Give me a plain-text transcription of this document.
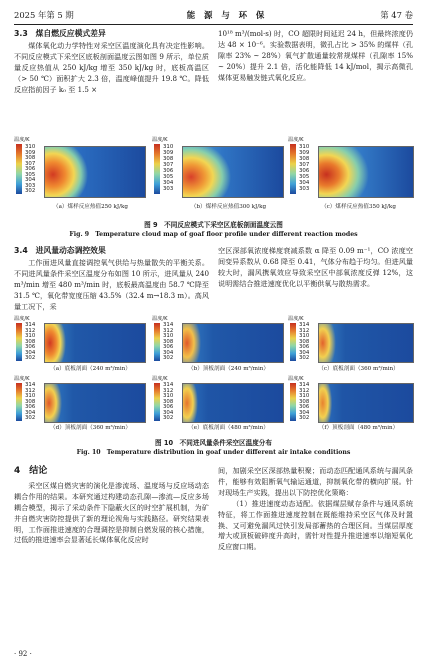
2025 年第 5 期	能 源 与 环 保	第 47 卷
3.3　煤自燃反应模式差异

煤体氧化动力学特性对采空区温度演化具有决定性影响。不同反应模式下采空区底板剖面温度云图如图 9 所示，单位质量反应热值从 250 kJ/kg 增至 350 kJ/kg 时，底板高温区（> 50 ℃）面积扩大 2.3 倍，温度峰值提升 19.8 ℃。降低反应指前因子 k₀ 至 1.5 ×

10¹⁸ m³/(mol·s) 时，CO 超限时间延迟 24 h，但最终浓度仍达 48 × 10⁻⁶。实验数据表明，微孔占比 > 35% 的煤样（孔隙率 23% ~ 28%）氧气扩散通量较常规煤样（孔隙率 15% ~ 20%）提升 2.1 倍，活化能降低 14 kJ/mol，揭示高微孔煤体更易触发链式氧化反应。

温度/K
310
309
308
307
306
305
304
303
302
（a）煤样反应热值250 kJ/kg
温度/K
310
309
308
307
306
305
304
303
（b）煤样反应热值300 kJ/kg
温度/K
310
309
308
307
306
305
304
303
（c）煤样反应热值350 kJ/kg
图 9　不同反应模式下采空区底板剖面温度云图
Fig. 9　Temperature cloud map of goaf floor profile under different reaction modes
3.4　进风量动态调控效果

工作面进风量直接调控氧气供给与热量散失的平衡关系。不同进风量条件采空区温度分布如图 10 所示，进风量从 240 m³/min 增至 480 m³/min 时，底板最高温度由 58.7 ℃降至 31.5 ℃，氧化带宽度压缩 43.5%（32.4 m→18.3 m）。高风量工况下，采

空区深部氧浓度梯度衰减系数 α 降至 0.09 m⁻¹，CO 浓度空间变异系数从 0.68 降至 0.41，气体分布趋于均匀。但进风量较大时，漏风携氧效应导致采空区中部氧浓度反弹 12%，这说明需结合推进速度优化以平衡供氧与散热需求。

温度/K
314
312
310
308
306
304
302
（a）底板剖面（240 m³/min）
温度/K
314
312
310
308
306
304
302
（b）顶板剖面（240 m³/min）
温度/K
314
312
310
308
306
304
302
（c）底板剖面（360 m³/min）
温度/K
314
312
310
308
306
304
302
（d）顶板剖面（360 m³/min）
温度/K
314
312
310
308
306
304
302
（e）底板剖面（480 m³/min）
温度/K
314
312
310
308
306
304
302
（f）顶板剖面（480 m³/min）
图 10　不同进风量条件采空区温度分布
Fig. 10　Temperature distribution in goaf under different air intake conditions
4　结论

采空区煤自燃灾害的演化是渗流场、温度场与反应场动态耦合作用的结果。本研究通过构建动态孔隙—渗流—反应多场耦合模型，揭示了采动条件下隐蔽火区的时空扩展机制，为矿井自燃灾害防控提供了新的理论视角与实践路径。研究结果表明，工作面推进速度的合理调控是抑制自燃发展的核心措施，过低的推进速率会显著延长煤体氧化反应时

间，加剧采空区深部热量积聚；而动态匹配通风系统与漏风条件，能够有效阻断氧气输运通道，抑制氧化带的横向扩展。针对现场生产实践，提出以下防控优化策略：

（1）推进速度动态适配。依据煤层赋存条件与通风系统特征，将工作面推进速度控制在既能维持采空区气体及时置换、又可避免漏风过快引发局部蓄热的合理区间。当煤层厚度增大或顶板破碎度升高时，需针对性提升推进速率以缩短氧化反应窗口期。

· 92 ·
